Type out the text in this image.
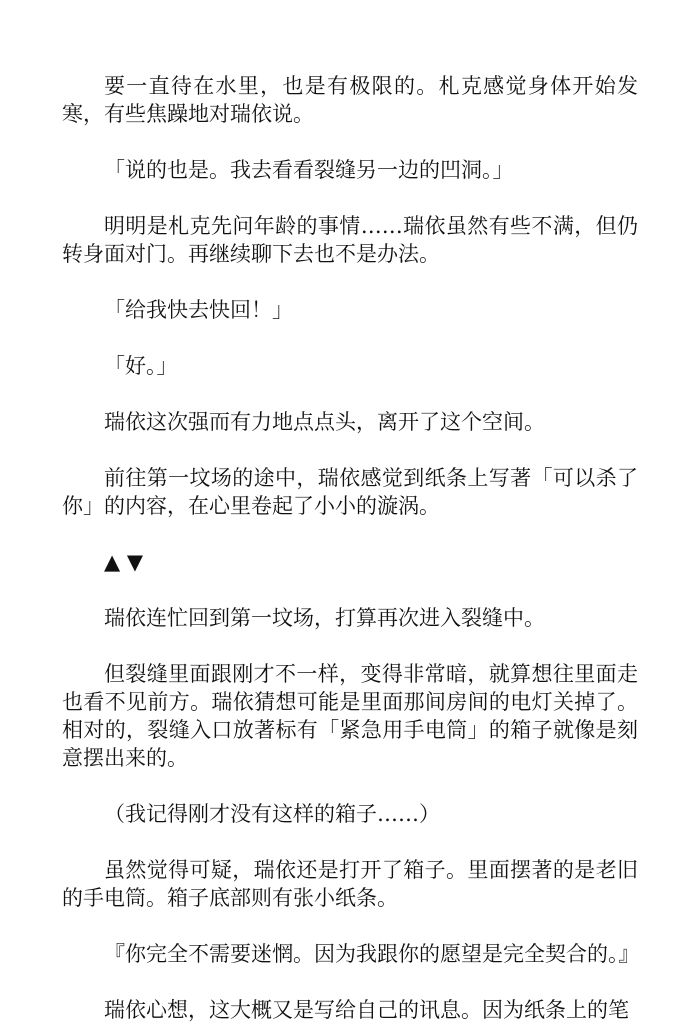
要一直待在水里，也是有极限的。札克感觉身体开始发寒，有些焦躁地对瑞依说。

「说的也是。我去看看裂缝另一边的凹洞。」

明明是札克先问年龄的事情……瑞依虽然有些不满，但仍转身面对门。再继续聊下去也不是办法。

「给我快去快回！」

「好。」

瑞依这次强而有力地点点头，离开了这个空间。

前往第一坟场的途中，瑞依感觉到纸条上写著「可以杀了你」的内容，在心里卷起了小小的漩涡。

▲ ▼

瑞依连忙回到第一坟场，打算再次进入裂缝中。

但裂缝里面跟刚才不一样，变得非常暗，就算想往里面走也看不见前方。瑞依猜想可能是里面那间房间的电灯关掉了。相对的，裂缝入口放著标有「紧急用手电筒」的箱子就像是刻意摆出来的。

（我记得刚才没有这样的箱子……）

虽然觉得可疑，瑞依还是打开了箱子。里面摆著的是老旧的手电筒。箱子底部则有张小纸条。

『你完全不需要迷惘。因为我跟你的愿望是完全契合的。』

瑞依心想，这大概又是写给自己的讯息。因为纸条上的笔
